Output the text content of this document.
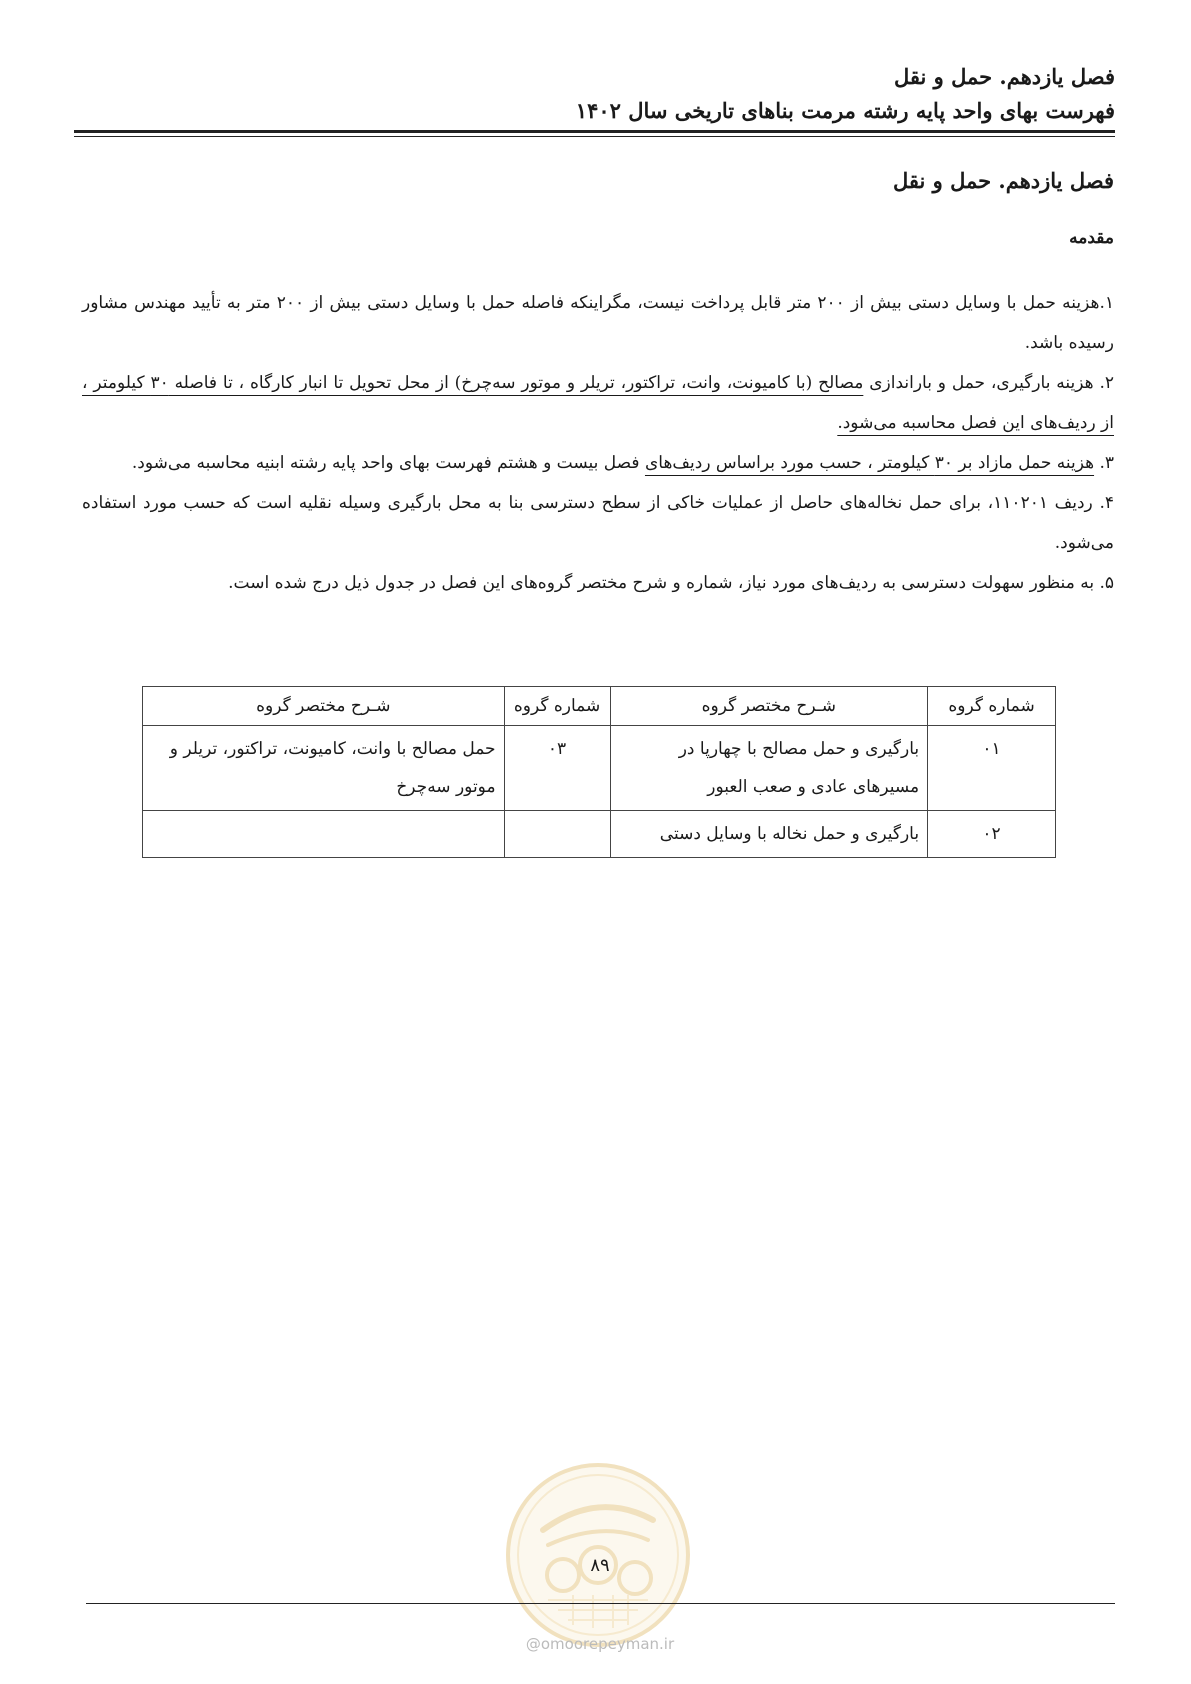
فصل یازدهم. حمل و نقل
فهرست بهای واحد پایه رشته مرمت بناهای تاریخی سال ۱۴۰۲
فصل یازدهم. حمل و نقل
مقدمه

۱.هزینه حمل با وسایل دستی بیش از ۲۰۰ متر قابل پرداخت نیست، مگراینکه فاصله حمل با وسایل دستی بیش از ۲۰۰ متر به تأیید مهندس مشاور رسیده باشد.

۲. هزینه بارگیری، حمل و باراندازی مصالح (با کامیونت، وانت، تراکتور، تریلر و موتور سه‌چرخ) از محل تحویل تا انبار کارگاه ، تا فاصله ۳۰ کیلومتر ، از ردیف‌های این فصل محاسبه می‌شود.

۳. هزینه حمل مازاد بر ۳۰ کیلومتر ، حسب مورد براساس ردیف‌های فصل بیست و هشتم فهرست بهای واحد پایه رشته ابنیه محاسبه می‌شود.

۴. ردیف ۱۱۰۲۰۱، برای حمل نخاله‌های حاصل از عملیات خاکی از سطح دسترسی بنا به محل بارگیری وسیله نقلیه است که حسب مورد استفاده می‌شود.

۵. به منظور سهولت دسترسی به ردیف‌های مورد نیاز، شماره و شرح مختصر گروه‌های این فصل در جدول ذیل درج شده است.

شماره گروه	شـرح مختصر گروه	شماره گروه	شـرح مختصر گروه
۰۱	بارگیری و حمل مصالح با چهارپا در مسیرهای عادی و صعب العبور	۰۳	حمل مصالح با وانت، کامیونت، تراکتور، تریلر و موتور سه‌چرخ
۰۲	بارگیری و حمل نخاله با وسایل دستی		
۸۹
@omoorepeyman.ir
